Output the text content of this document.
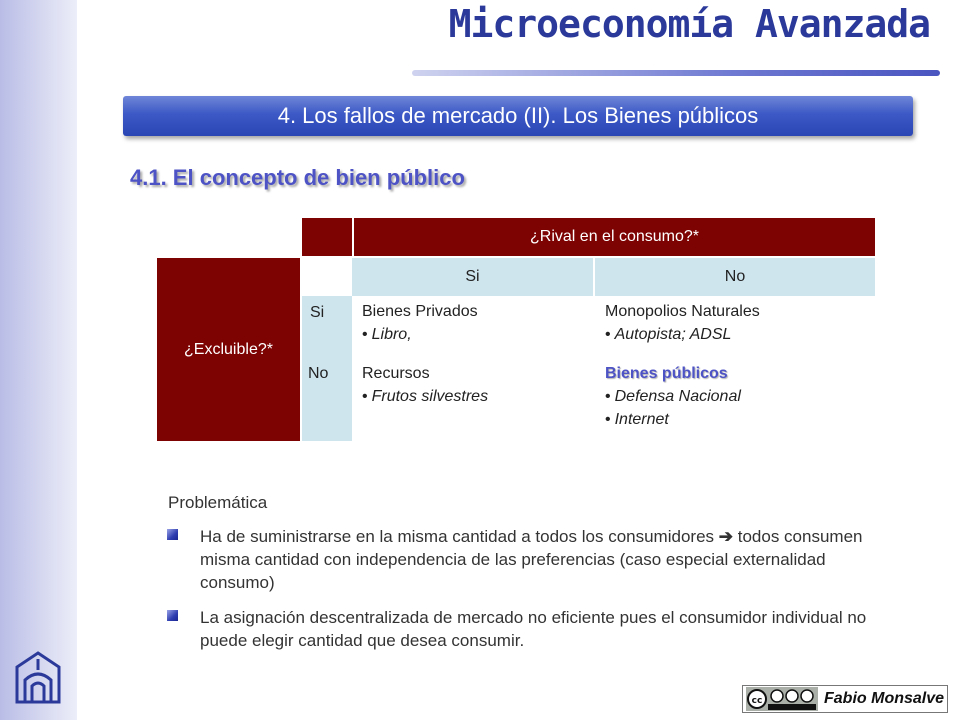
Microeconomía Avanzada
4. Los fallos de mercado (II). Los Bienes públicos
4.1. El concepto de bien público
¿Rival en el consumo?*
¿Excluible?*
Si	No
Si
No
Bienes Privados
• Libro,
Monopolios Naturales
• Autopista; ADSL
Recursos
• Frutos silvestres
Bienes públicos
• Defensa Nacional
• Internet
Problemática
Ha de suministrarse en la misma cantidad a todos los consumidores ➔ todos consumen misma cantidad con independencia de las preferencias (caso especial externalidad consumo)
La asignación descentralizada de mercado no eficiente pues el consumidor individual no puede elegir cantidad que desea consumir.
cc	Fabio Monsalve
